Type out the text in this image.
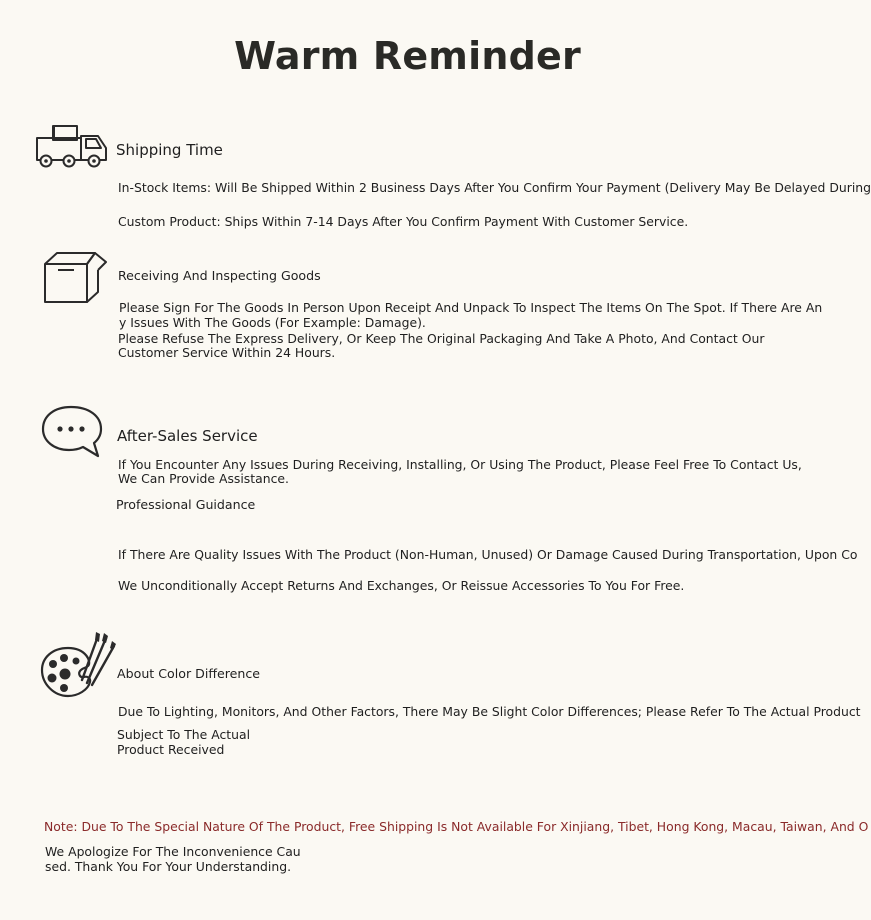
Warm Reminder
Shipping Time
In-Stock Items: Will Be Shipped Within 2 Business Days After You Confirm Your Payment (Delivery May Be Delayed During
Custom Product: Ships Within 7-14 Days After You Confirm Payment With Customer Service.
Receiving And Inspecting Goods
Please Sign For The Goods In Person Upon Receipt And Unpack To Inspect The Items On The Spot. If There Are An
y Issues With The Goods (For Example: Damage).
Please Refuse The Express Delivery, Or Keep The Original Packaging And Take A Photo, And Contact Our
Customer Service Within 24 Hours.
After-Sales Service
If You Encounter Any Issues During Receiving, Installing, Or Using The Product, Please Feel Free To Contact Us,
We Can Provide Assistance.
Professional Guidance
If There Are Quality Issues With The Product (Non-Human, Unused) Or Damage Caused During Transportation, Upon Co
We Unconditionally Accept Returns And Exchanges, Or Reissue Accessories To You For Free.
About Color Difference
Due To Lighting, Monitors, And Other Factors, There May Be Slight Color Differences; Please Refer To The Actual Product
Subject To The Actual
Product Received
Note: Due To The Special Nature Of The Product, Free Shipping Is Not Available For Xinjiang, Tibet, Hong Kong, Macau, Taiwan, And O
We Apologize For The Inconvenience Cau
sed. Thank You For Your Understanding.
